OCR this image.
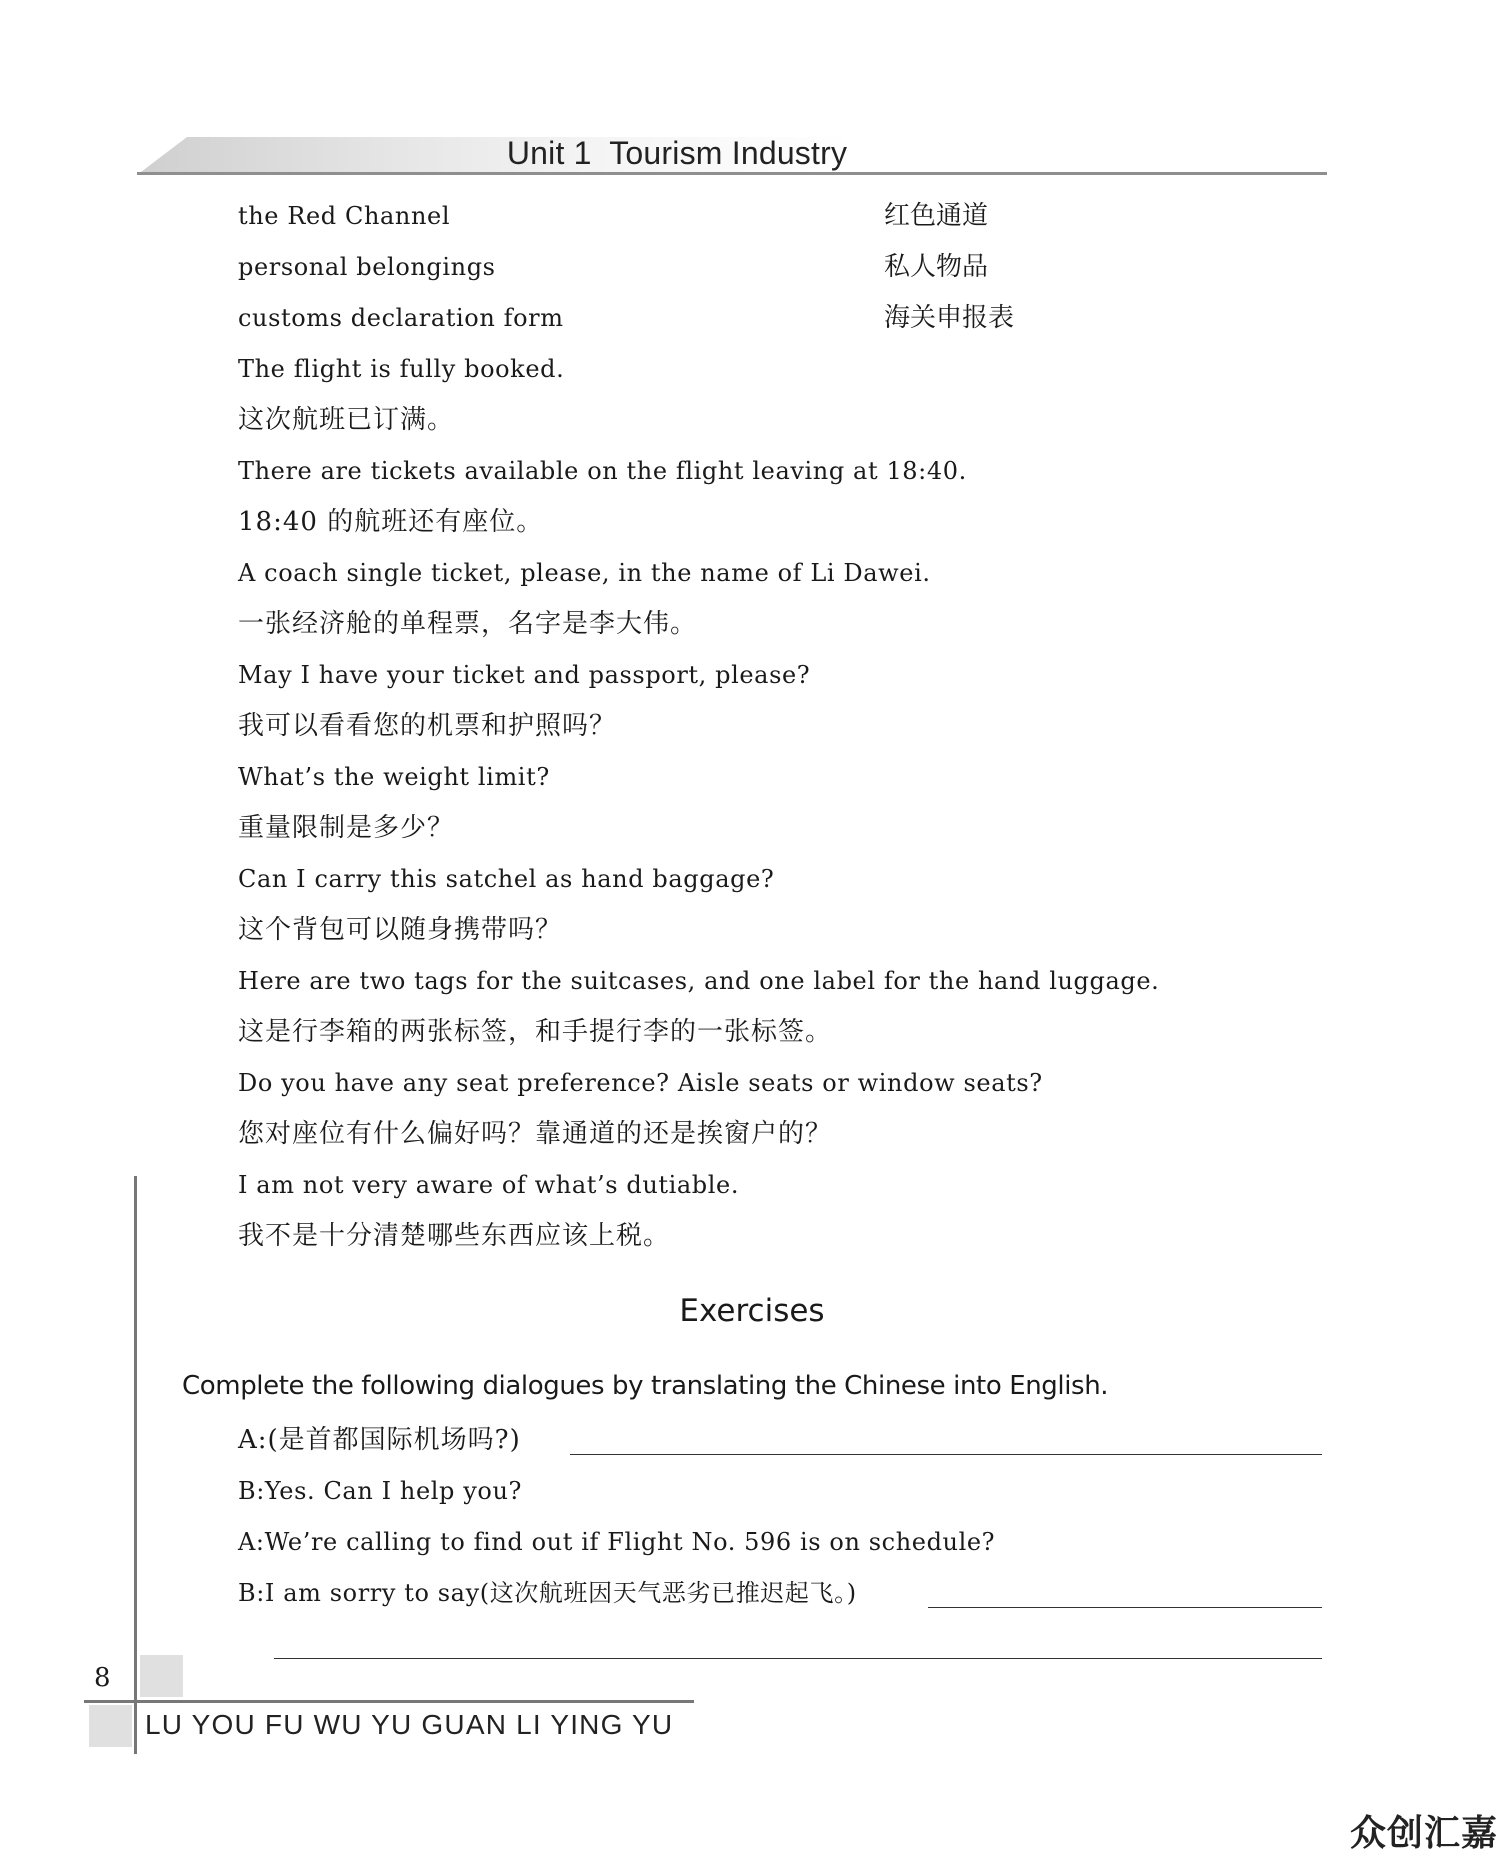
Unit 1  Tourism Industry
the Red Channel	红色通道
personal belongings	私人物品
customs declaration form	海关申报表
The flight is fully booked.
这次航班已订满。
There are tickets available on the flight leaving at 18:40.
18:40 的航班还有座位。
A coach single ticket, please, in the name of Li Dawei.
一张经济舱的单程票，名字是李大伟。
May I have your ticket and passport, please?
我可以看看您的机票和护照吗？
What’s the weight limit?
重量限制是多少？
Can I carry this satchel as hand baggage?
这个背包可以随身携带吗？
Here are two tags for the suitcases, and one label for the hand luggage.
这是行李箱的两张标签，和手提行李的一张标签。
Do you have any seat preference? Aisle seats or window seats?
您对座位有什么偏好吗？靠通道的还是挨窗户的？
I am not very aware of what’s dutiable.
我不是十分清楚哪些东西应该上税。
Exercises
Complete the following dialogues by translating the Chinese into English.
A:(是首都国际机场吗?)
B:Yes. Can I help you?
A:We’re calling to find out if Flight No. 596 is on schedule?
B:I am sorry to say(这次航班因天气恶劣已推迟起飞。)
8
LU YOU FU WU YU GUAN LI YING YU
众创汇嘉
